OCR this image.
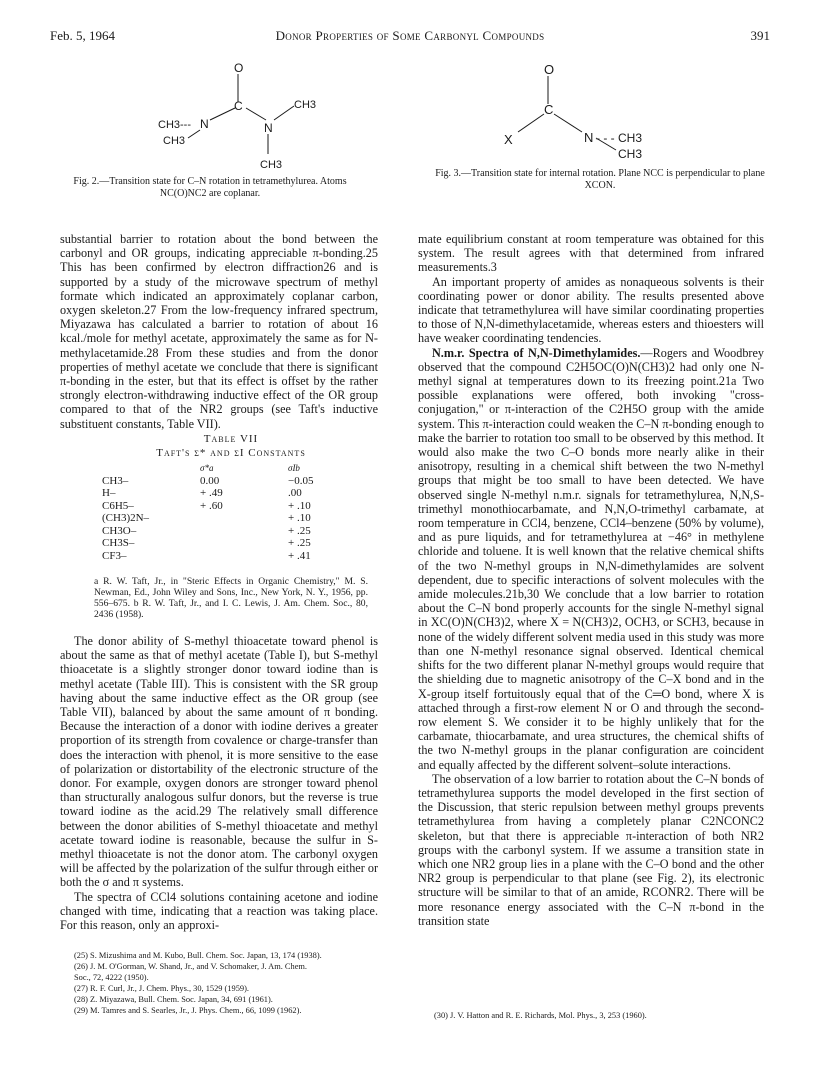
Feb. 5, 1964	Donor Properties of Some Carbonyl Compounds	391
O
C
N	N
CH3---
CH3
CH3
CH3
Fig. 2.—Transition state for C–N rotation in tetramethylurea. Atoms NC(O)NC2 are coplanar.
O
C
X	N - - - CH3
CH3
Fig. 3.—Transition state for internal rotation. Plane NCC is perpendicular to plane XCON.

substantial barrier to rotation about the bond between the carbonyl and OR groups, indicating appreciable π-bonding.25 This has been confirmed by electron diffraction26 and is supported by a study of the microwave spectrum of methyl formate which indicated an approximately coplanar carbon, oxygen skeleton.27 From the low-frequency infrared spectrum, Miyazawa has calculated a barrier to rotation of about 16 kcal./mole for methyl acetate, approximately the same as for N-methylacetamide.28 From these studies and from the donor properties of methyl acetate we conclude that there is significant π-bonding in the ester, but that its effect is offset by the rather strongly electron-withdrawing inductive effect of the OR group compared to that of the NR2 groups (see Taft's inductive substituent constants, Table VII).

Table VII
Taft's σ* and σI Constants
	σ*a	σIb
CH3–	0.00	−0.05
H–	+ .49	.00
C6H5–	+ .60	+ .10
(CH3)2N–		+ .10
CH3O–		+ .25
CH3S–		+ .25
CF3–		+ .41
a R. W. Taft, Jr., in "Steric Effects in Organic Chemistry," M. S. Newman, Ed., John Wiley and Sons, Inc., New York, N. Y., 1956, pp. 556–675. b R. W. Taft, Jr., and I. C. Lewis, J. Am. Chem. Soc., 80, 2436 (1958).

The donor ability of S-methyl thioacetate toward phenol is about the same as that of methyl acetate (Table I), but S-methyl thioacetate is a slightly stronger donor toward iodine than is methyl acetate (Table III). This is consistent with the SR group having about the same inductive effect as the OR group (see Table VII), balanced by about the same amount of π bonding. Because the interaction of a donor with iodine derives a greater proportion of its strength from covalence or charge-transfer than does the interaction with phenol, it is more sensitive to the ease of polarization or distortability of the electronic structure of the donor. For example, oxygen donors are stronger toward phenol than structurally analogous sulfur donors, but the reverse is true toward iodine as the acid.29 The relatively small difference between the donor abilities of S-methyl thioacetate and methyl acetate toward iodine is reasonable, because the sulfur in S-methyl thioacetate is not the donor atom. The carbonyl oxygen will be affected by the polarization of the sulfur through either or both the σ and π systems.

The spectra of CCl4 solutions containing acetone and iodine changed with time, indicating that a reaction was taking place. For this reason, only an approxi-

(25) S. Mizushima and M. Kubo, Bull. Chem. Soc. Japan, 13, 174 (1938).
(26) J. M. O'Gorman, W. Shand, Jr., and V. Schomaker, J. Am. Chem.
Soc., 72, 4222 (1950).
(27) R. F. Curl, Jr., J. Chem. Phys., 30, 1529 (1959).
(28) Z. Miyazawa, Bull. Chem. Soc. Japan, 34, 691 (1961).
(29) M. Tamres and S. Searles, Jr., J. Phys. Chem., 66, 1099 (1962).

mate equilibrium constant at room temperature was obtained for this system. The result agrees with that determined from infrared measurements.3

An important property of amides as nonaqueous solvents is their coordinating power or donor ability. The results presented above indicate that tetramethylurea will have similar coordinating properties to those of N,N-dimethylacetamide, whereas esters and thioesters will have weaker coordinating tendencies.

N.m.r. Spectra of N,N-Dimethylamides.—Rogers and Woodbrey observed that the compound C2H5OC(O)N(CH3)2 had only one N-methyl signal at temperatures down to its freezing point.21a Two possible explanations were offered, both invoking "cross-conjugation," or π-interaction of the C2H5O group with the amide system. This π-interaction could weaken the C–N π-bonding enough to make the barrier to rotation too small to be observed by this method. It would also make the two C–O bonds more nearly alike in their anisotropy, resulting in a chemical shift between the two N-methyl groups that might be too small to have been detected. We have observed single N-methyl n.m.r. signals for tetramethylurea, N,N,S-trimethyl monothiocarbamate, and N,N,O-trimethyl carbamate, at room temperature in CCl4, benzene, CCl4–benzene (50% by volume), and as pure liquids, and for tetramethylurea at −46° in methylene chloride and toluene. It is well known that the relative chemical shifts of the two N-methyl groups in N,N-dimethylamides are solvent dependent, due to specific interactions of solvent molecules with the amide molecules.21b,30 We conclude that a low barrier to rotation about the C–N bond properly accounts for the single N-methyl signal in XC(O)N(CH3)2, where X = N(CH3)2, OCH3, or SCH3, because in none of the widely different solvent media used in this study was more than one N-methyl resonance signal observed. Identical chemical shifts for the two different planar N-methyl groups would require that the shielding due to magnetic anisotropy of the C–X bond and in the X-group itself fortuitously equal that of the C═O bond, where X is attached through a first-row element N or O and through the second-row element S. We consider it to be highly unlikely that for the carbamate, thiocarbamate, and urea structures, the chemical shifts of the two N-methyl groups in the planar configuration are coincident and equally affected by the different solvent–solute interactions.

The observation of a low barrier to rotation about the C–N bonds of tetramethylurea supports the model developed in the first section of the Discussion, that steric repulsion between methyl groups prevents tetramethylurea from having a completely planar C2NCONC2 skeleton, but that there is appreciable π-interaction of both NR2 groups with the carbonyl system. If we assume a transition state in which one NR2 group lies in a plane with the C–O bond and the other NR2 group is perpendicular to that plane (see Fig. 2), its electronic structure will be similar to that of an amide, RCONR2. There will be more resonance energy associated with the C–N π-bond in the transition state

(30) J. V. Hatton and R. E. Richards, Mol. Phys., 3, 253 (1960).
